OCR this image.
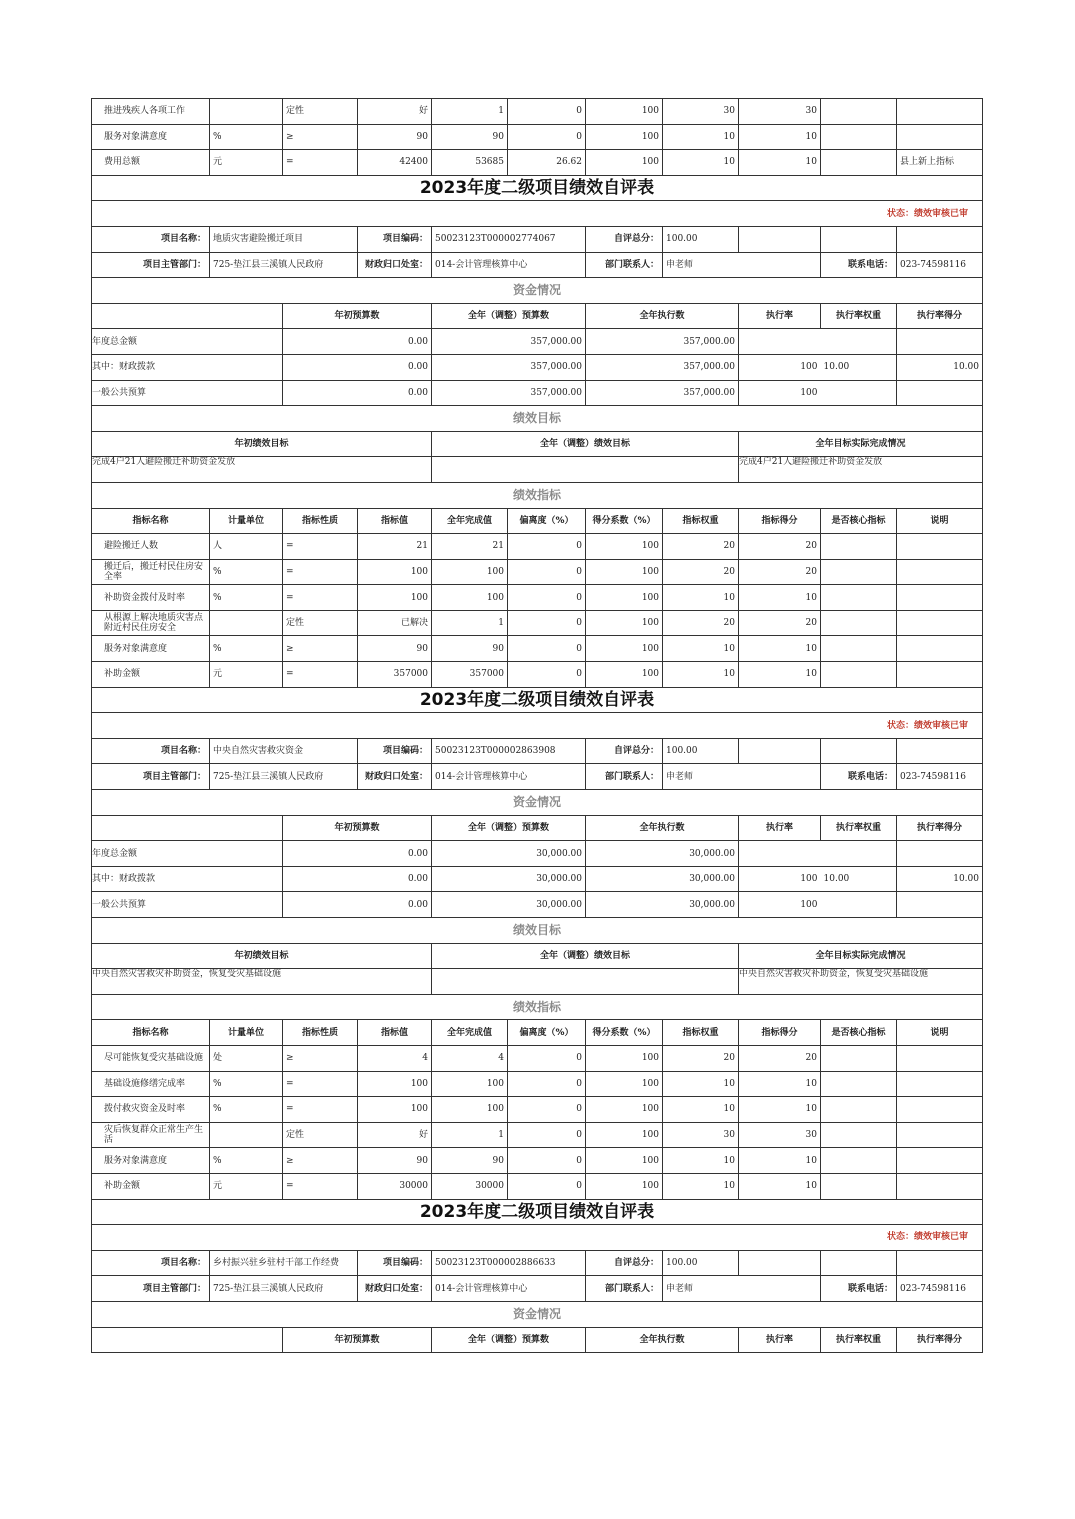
推进残疾人各项工作		定性	好	1	0	100	30	30		
服务对象满意度	%	≥	90	90	0	100	10	10		
费用总额	元	=	42400	53685	26.62	100	10	10		县上新上指标
2023年度二级项目绩效自评表										
状态：绩效审核已审										
项目名称：	地质灾害避险搬迁项目		项目编码：	50023123T000002774067		自评总分：	100.00			
项目主管部门：	725-垫江县三溪镇人民政府		财政归口处室：	014-会计管理核算中心		部门联系人：	申老师		联系电话：	023-74598116
资金情况										
		年初预算数		全年（调整）预算数		全年执行数		执行率	执行率权重	执行率得分
年度总金额		0.00		357,000.00		357,000.00				
其中：财政拨款		0.00		357,000.00		357,000.00		100	10.00	10.00
一般公共预算		0.00		357,000.00		357,000.00		100		
绩效目标										
年初绩效目标				全年（调整）绩效目标				全年目标实际完成情况		
完成4户21人避险搬迁补助资金发放								完成4户21人避险搬迁补助资金发放		
绩效指标										
指标名称	计量单位	指标性质	指标值	全年完成值	偏离度（%）	得分系数（%）	指标权重	指标得分	是否核心指标	说明
避险搬迁人数	人	=	21	21	0	100	20	20		
搬迁后，搬迁村民住房安全率	%	=	100	100	0	100	20	20		
补助资金拨付及时率	%	=	100	100	0	100	10	10		
从根源上解决地质灾害点附近村民住房安全		定性	已解决	1	0	100	20	20		
服务对象满意度	%	≥	90	90	0	100	10	10		
补助金额	元	=	357000	357000	0	100	10	10		
2023年度二级项目绩效自评表										
状态：绩效审核已审										
项目名称：	中央自然灾害救灾资金		项目编码：	50023123T000002863908		自评总分：	100.00			
项目主管部门：	725-垫江县三溪镇人民政府		财政归口处室：	014-会计管理核算中心		部门联系人：	申老师		联系电话：	023-74598116
资金情况										
		年初预算数		全年（调整）预算数		全年执行数		执行率	执行率权重	执行率得分
年度总金额		0.00		30,000.00		30,000.00				
其中：财政拨款		0.00		30,000.00		30,000.00		100	10.00	10.00
一般公共预算		0.00		30,000.00		30,000.00		100		
绩效目标										
年初绩效目标				全年（调整）绩效目标				全年目标实际完成情况		
中央自然灾害救灾补助资金，恢复受灾基础设施								中央自然灾害救灾补助资金，恢复受灾基础设施		
绩效指标										
指标名称	计量单位	指标性质	指标值	全年完成值	偏离度（%）	得分系数（%）	指标权重	指标得分	是否核心指标	说明
尽可能恢复受灾基础设施	处	≥	4	4	0	100	20	20		
基础设施修缮完成率	%	=	100	100	0	100	10	10		
拨付救灾资金及时率	%	=	100	100	0	100	10	10		
灾后恢复群众正常生产生活		定性	好	1	0	100	30	30		
服务对象满意度	%	≥	90	90	0	100	10	10		
补助金额	元	=	30000	30000	0	100	10	10		
2023年度二级项目绩效自评表										
状态：绩效审核已审										
项目名称：	乡村振兴驻乡驻村干部工作经费		项目编码：	50023123T000002886633		自评总分：	100.00			
项目主管部门：	725-垫江县三溪镇人民政府		财政归口处室：	014-会计管理核算中心		部门联系人：	申老师		联系电话：	023-74598116
资金情况										
		年初预算数		全年（调整）预算数		全年执行数		执行率	执行率权重	执行率得分
